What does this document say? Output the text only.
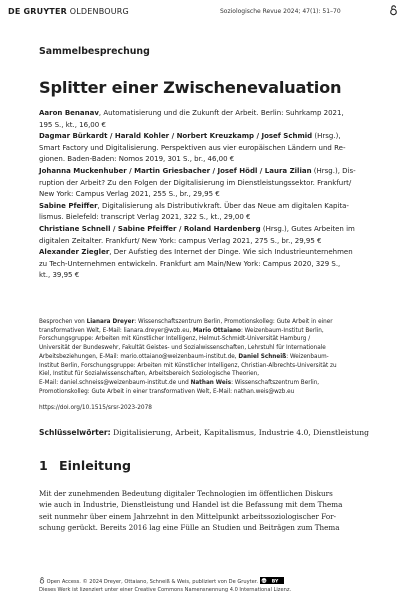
DE GRUYTER OLDENBOURG	Soziologische Revue 2024; 47(1): 51–70
Sammelbesprechung
Splitter einer Zwischenevaluation
Aaron Benanav, Automatisierung und die Zukunft der Arbeit. Berlin: Suhrkamp 2021,
195 S., kt., 16,00 €
Dagmar Bürkardt / Harald Kohler / Norbert Kreuzkamp / Josef Schmid (Hrsg.),
Smart Factory und Digitalisierung. Perspektiven aus vier europäischen Ländern und Re-
gionen. Baden-Baden: Nomos 2019, 301 S., br., 46,00 €
Johanna Muckenhuber / Martin Griesbacher / Josef Hödl / Laura Zilian (Hrsg.), Dis-
ruption der Arbeit? Zu den Folgen der Digitalisierung im Dienstleistungssektor. Frankfurt/
New York: Campus Verlag 2021, 255 S., br., 29,95 €
Sabine Pfeiffer, Digitalisierung als Distributivkraft. Über das Neue am digitalen Kapita-
lismus. Bielefeld: transcript Verlag 2021, 322 S., kt., 29,00 €
Christiane Schnell / Sabine Pfeiffer / Roland Hardenberg (Hrsg.), Gutes Arbeiten im
digitalen Zeitalter. Frankfurt/ New York: campus Verlag 2021, 275 S., br., 29,95 €
Alexander Ziegler, Der Aufstieg des Internet der Dinge. Wie sich Industrieunternehmen
zu Tech-Unternehmen entwickeln. Frankfurt am Main/New York: Campus 2020, 329 S.,
kt., 39,95 €
Besprochen von Lianara Dreyer: Wissenschaftszentrum Berlin, Promotionskolleg: Gute Arbeit in einer
transformativen Welt, E-Mail: lianara.dreyer@wzb.eu, Mario Ottaiano: Weizenbaum-Institut Berlin,
Forschungsgruppe: Arbeiten mit Künstlicher Intelligenz, Helmut-Schmidt-Universität Hamburg /
Universität der Bundeswehr, Fakultät Geistes- und Sozialwissenschaften, Lehrstuhl für Internationale
Arbeitsbeziehungen, E-Mail: mario.ottaiano@weizenbaum-institut.de, Daniel Schneiß: Weizenbaum-
Institut Berlin, Forschungsgruppe: Arbeiten mit Künstlicher Intelligenz, Christian-Albrechts-Universität zu
Kiel, Institut für Sozialwissenschaften, Arbeitsbereich Soziologische Theorien,
E-Mail: daniel.schneiss@weizenbaum-institut.de und Nathan Weis: Wissenschaftszentrum Berlin,
Promotionskolleg: Gute Arbeit in einer transformativen Welt, E-Mail: nathan.weis@wzb.eu
https://doi.org/10.1515/srsr-2023-2078
Schlüsselwörter: Digitalisierung, Arbeit, Kapitalismus, Industrie 4.0, Dienstleistung
1 Einleitung
Mit der zunehmenden Bedeutung digitaler Technologien im öffentlichen Diskurs
wie auch in Industrie, Dienstleistung und Handel ist die Befassung mit dem Thema
seit nunmehr über einem Jahrzehnt in den Mittelpunkt arbeitssoziologischer For-
schung gerückt. Bereits 2016 lag eine Fülle an Studien und Beiträgen zum Thema
Open Access. © 2024 Dreyer, Ottaiano, Schneiß & Weis, publiziert von De Gruyter. cc BY
Dieses Werk ist lizenziert unter einer Creative Commons Namensnennung 4.0 International Lizenz.
